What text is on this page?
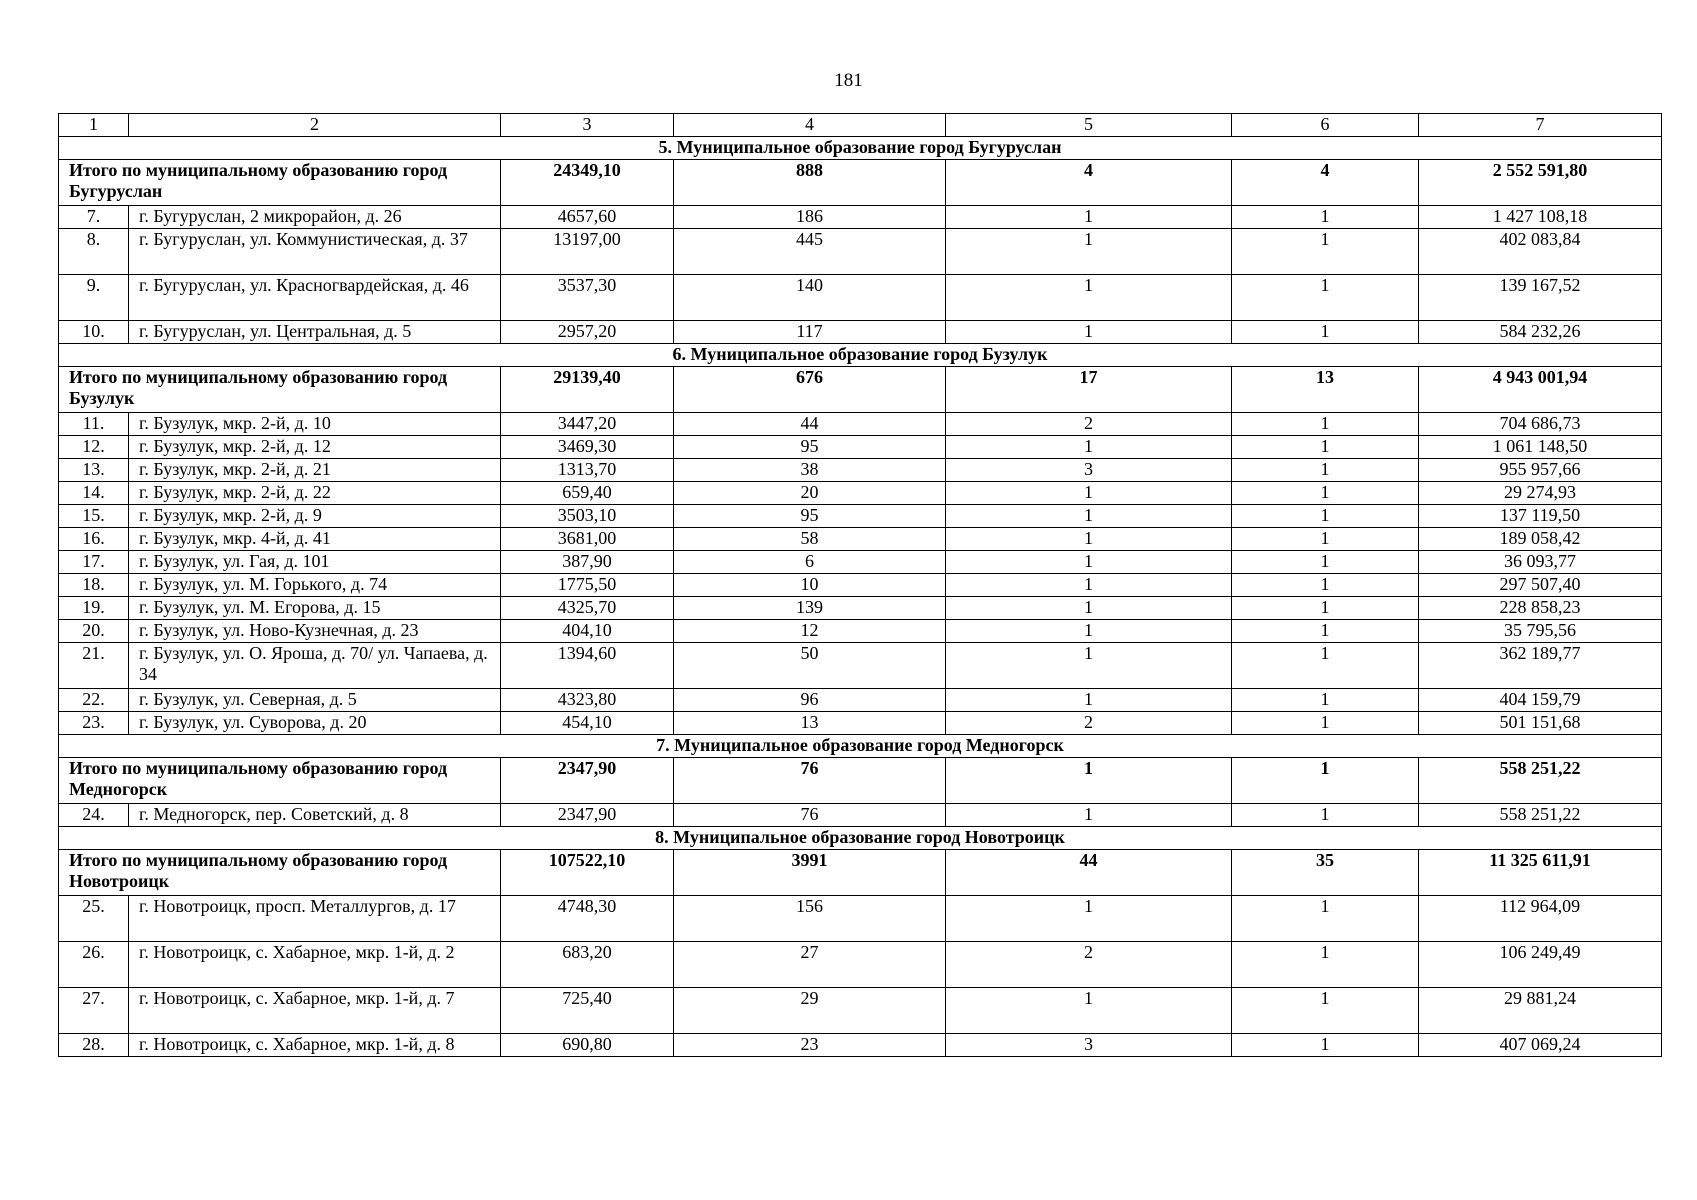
181
1	2	3	4	5	6	7
5. Муниципальное образование город Бугуруслан						
Итого по муниципальному образованию город Бугуруслан		24349,10	888	4	4	2 552 591,80
7.	г. Бугуруслан, 2 микрорайон, д. 26	4657,60	186	1	1	1 427 108,18
8.	г. Бугуруслан, ул. Коммунистическая, д. 37	13197,00	445	1	1	402 083,84
9.	г. Бугуруслан, ул. Красногвардейская, д. 46	3537,30	140	1	1	139 167,52
10.	г. Бугуруслан, ул. Центральная, д. 5	2957,20	117	1	1	584 232,26
6. Муниципальное образование город Бузулук						
Итого по муниципальному образованию город Бузулук		29139,40	676	17	13	4 943 001,94
11.	г. Бузулук, мкр. 2-й, д. 10	3447,20	44	2	1	704 686,73
12.	г. Бузулук, мкр. 2-й, д. 12	3469,30	95	1	1	1 061 148,50
13.	г. Бузулук, мкр. 2-й, д. 21	1313,70	38	3	1	955 957,66
14.	г. Бузулук, мкр. 2-й, д. 22	659,40	20	1	1	29 274,93
15.	г. Бузулук, мкр. 2-й, д. 9	3503,10	95	1	1	137 119,50
16.	г. Бузулук, мкр. 4-й, д. 41	3681,00	58	1	1	189 058,42
17.	г. Бузулук, ул. Гая, д. 101	387,90	6	1	1	36 093,77
18.	г. Бузулук, ул. М. Горького, д. 74	1775,50	10	1	1	297 507,40
19.	г. Бузулук, ул. М. Егорова, д. 15	4325,70	139	1	1	228 858,23
20.	г. Бузулук, ул. Ново-Кузнечная, д. 23	404,10	12	1	1	35 795,56
21.	г. Бузулук, ул. О. Яроша, д. 70/ ул. Чапаева, д. 34	1394,60	50	1	1	362 189,77
22.	г. Бузулук, ул. Северная, д. 5	4323,80	96	1	1	404 159,79
23.	г. Бузулук, ул. Суворова, д. 20	454,10	13	2	1	501 151,68
7. Муниципальное образование город Медногорск						
Итого по муниципальному образованию город Медногорск		2347,90	76	1	1	558 251,22
24.	г. Медногорск, пер. Советский, д. 8	2347,90	76	1	1	558 251,22
8. Муниципальное образование город Новотроицк						
Итого по муниципальному образованию город Новотроицк		107522,10	3991	44	35	11 325 611,91
25.	г. Новотроицк, просп. Металлургов, д. 17	4748,30	156	1	1	112 964,09
26.	г. Новотроицк, с. Хабарное, мкр. 1-й, д. 2	683,20	27	2	1	106 249,49
27.	г. Новотроицк, с. Хабарное, мкр. 1-й, д. 7	725,40	29	1	1	29 881,24
28.	г. Новотроицк, с. Хабарное, мкр. 1-й, д. 8	690,80	23	3	1	407 069,24
